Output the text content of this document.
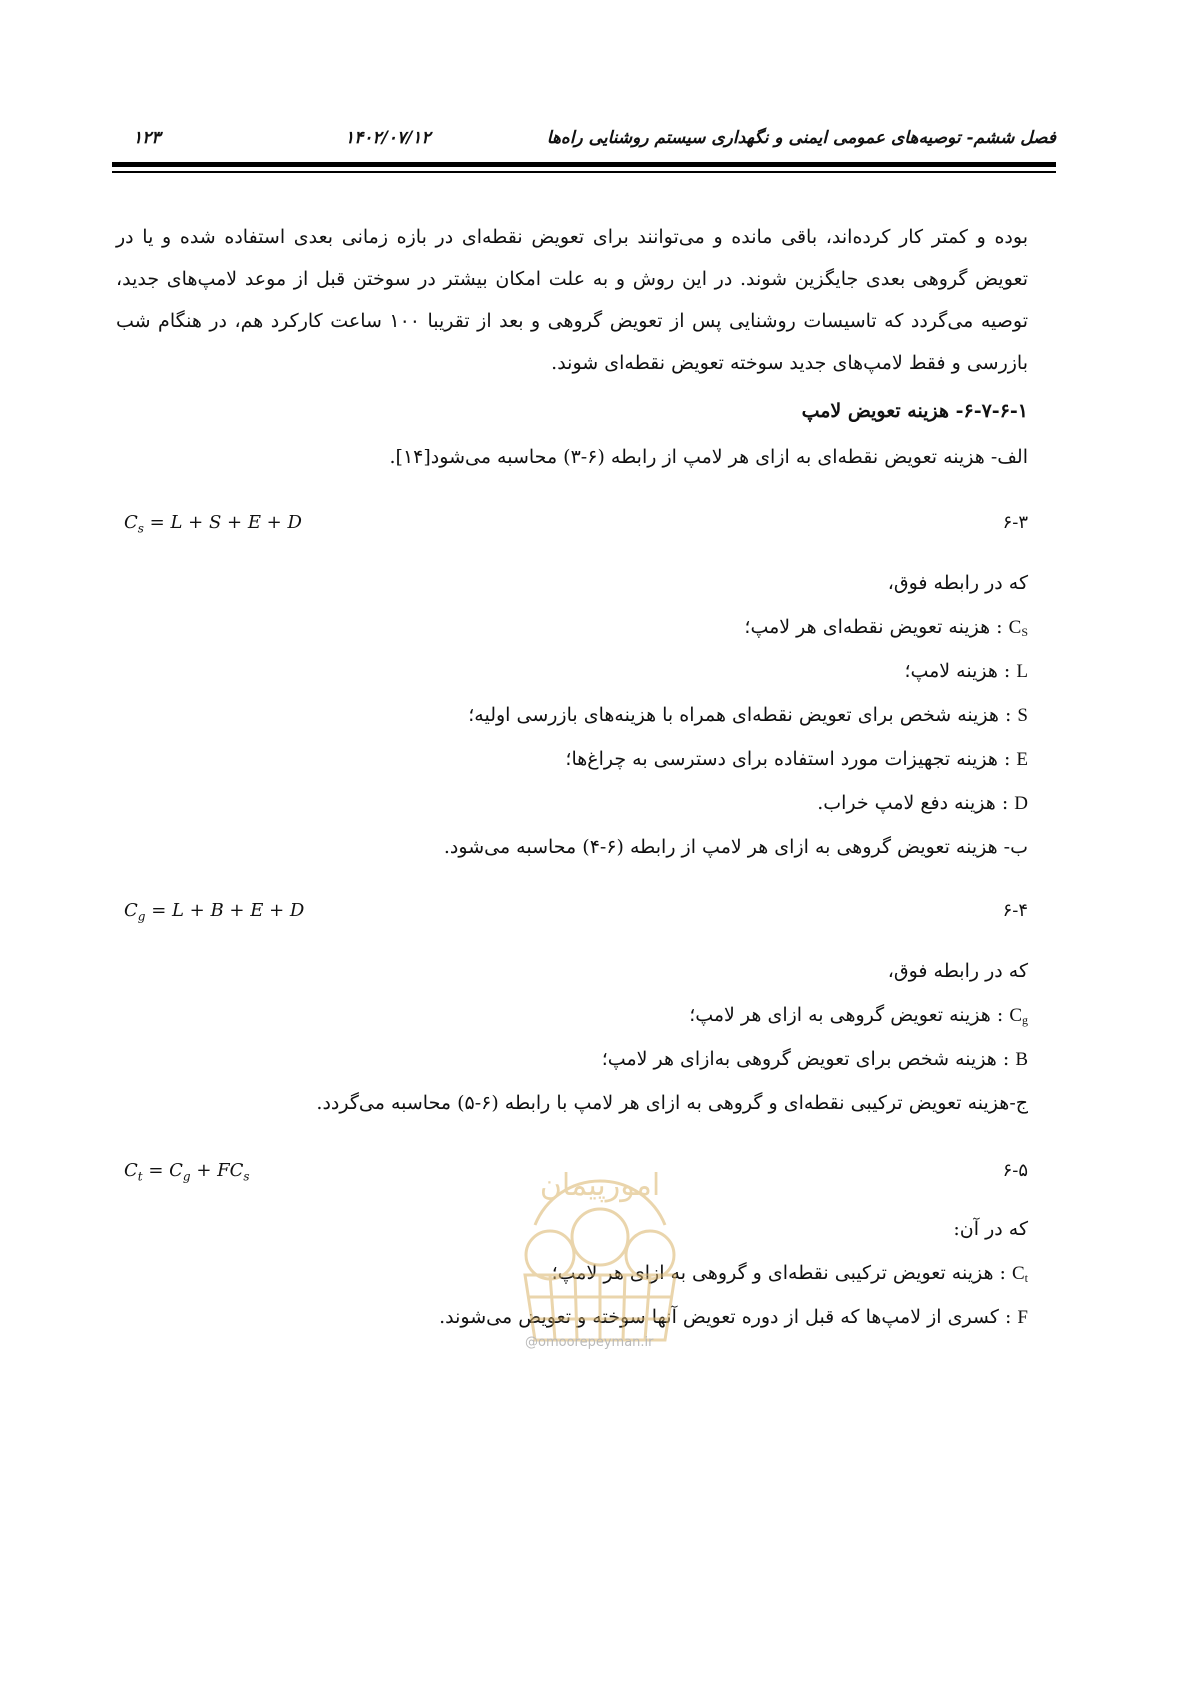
فصل ششم- توصیه‌های عمومی ایمنی و نگهداری سیستم روشنایی راه‌ها
۱۴۰۲/۰۷/۱۲
۱۲۳
بوده و کمتر کار کرده‌اند، باقی مانده و می‌توانند برای تعویض نقطه‌ای در بازه زمانی بعدی استفاده شده و یا در تعویض گروهی بعدی جایگزین شوند. در این روش و به علت امکان بیشتر در سوختن قبل از موعد لامپ‌های جدید، توصیه می‌گردد که تاسیسات روشنایی پس از تعویض گروهی و بعد از تقریبا ۱۰۰ ساعت کارکرد هم، در هنگام شب بازرسی و فقط لامپ‌های جدید سوخته تعویض نقطه‌ای شوند.
۶-۷-۶-۱- هزینه تعویض لامپ
الف- هزینه تعویض نقطه‌ای به ازای هر لامپ از رابطه (۶-۳) محاسبه می‌شود[۱۴].
$C_s = L + S + E + D$	۶-۳
که در رابطه فوق،
CS : هزینه تعویض نقطه‌ای هر لامپ؛
L : هزینه لامپ؛
S : هزینه شخص برای تعویض نقطه‌ای همراه با هزینه‌های بازرسی اولیه؛
E : هزینه تجهیزات مورد استفاده برای دسترسی به چراغ‌ها؛
D : هزینه دفع لامپ خراب.
ب- هزینه تعویض گروهی به ازای هر لامپ از رابطه (۶-۴) محاسبه می‌شود.
$C_g = L + B + E + D$	۶-۴
که در رابطه فوق،
Cg : هزینه تعویض گروهی به ازای هر لامپ؛
B : هزینه شخص برای تعویض گروهی به‌ازای هر لامپ؛
ج-هزینه تعویض ترکیبی نقطه‌ای و گروهی به ازای هر لامپ با رابطه (۶-۵) محاسبه می‌گردد.
$C_t = C_g + FC_s$	۶-۵
که در آن:
Ct : هزینه تعویض ترکیبی نقطه‌ای و گروهی به ازای هر لامپ؛
F : کسری از لامپ‌ها که قبل از دوره تعویض آنها سوخته و تعویض می‌شوند.
امورپیمان
@omoorepeyman.ir
